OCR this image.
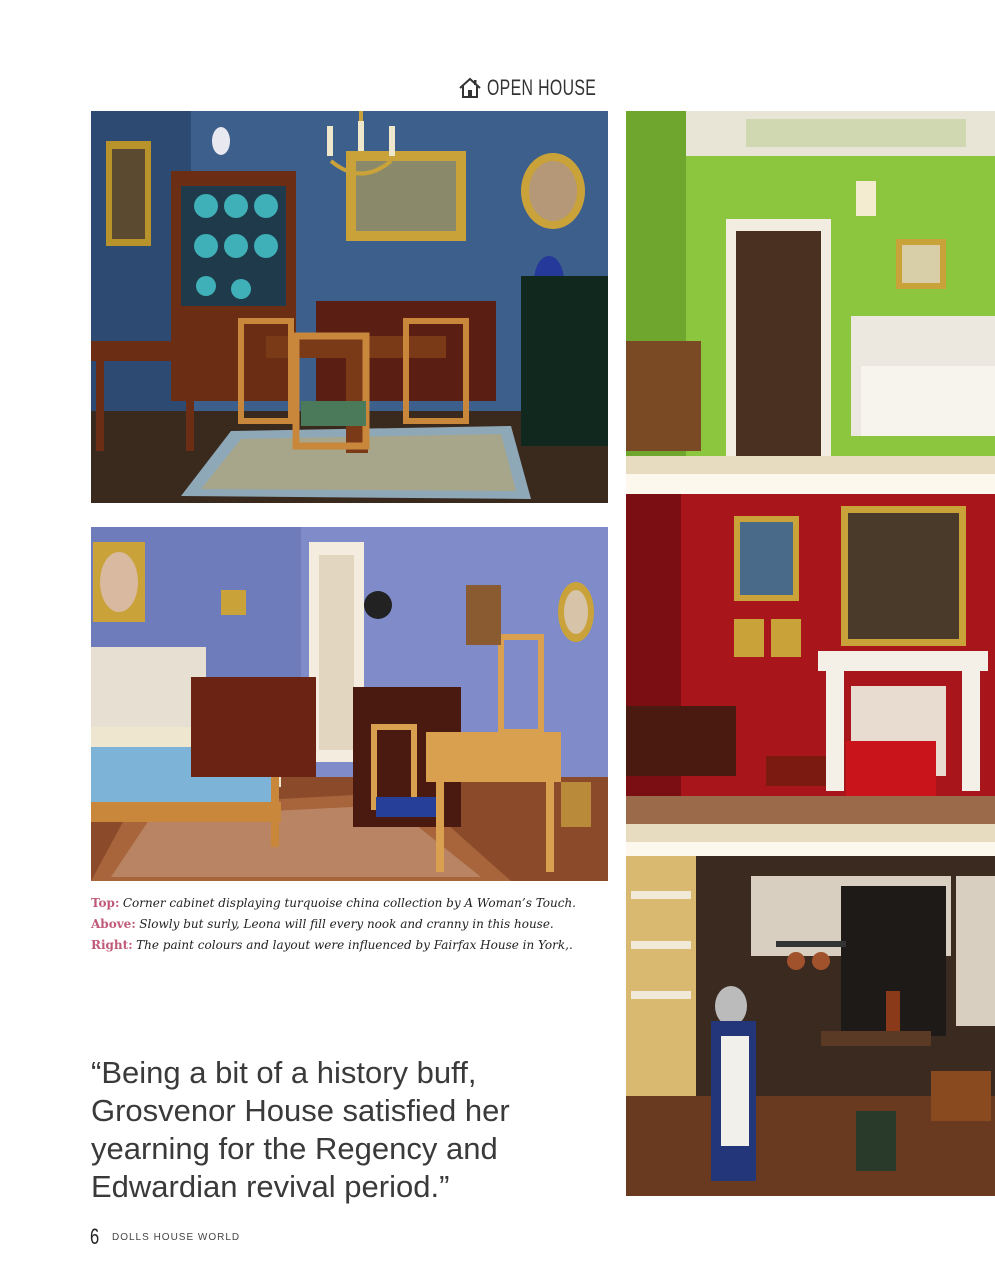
OPEN HOUSE
Top: Corner cabinet displaying turquoise china collection by A Woman’s Touch.
Above: Slowly but surly, Leona will fill every nook and cranny in this house.
Right: The paint colours and layout were influenced by Fairfax House in York,.
“Being a bit of a history buff,
Grosvenor House satisfied her
yearning for the Regency and
Edwardian revival period.”
6 DOLLS HOUSE WORLD
